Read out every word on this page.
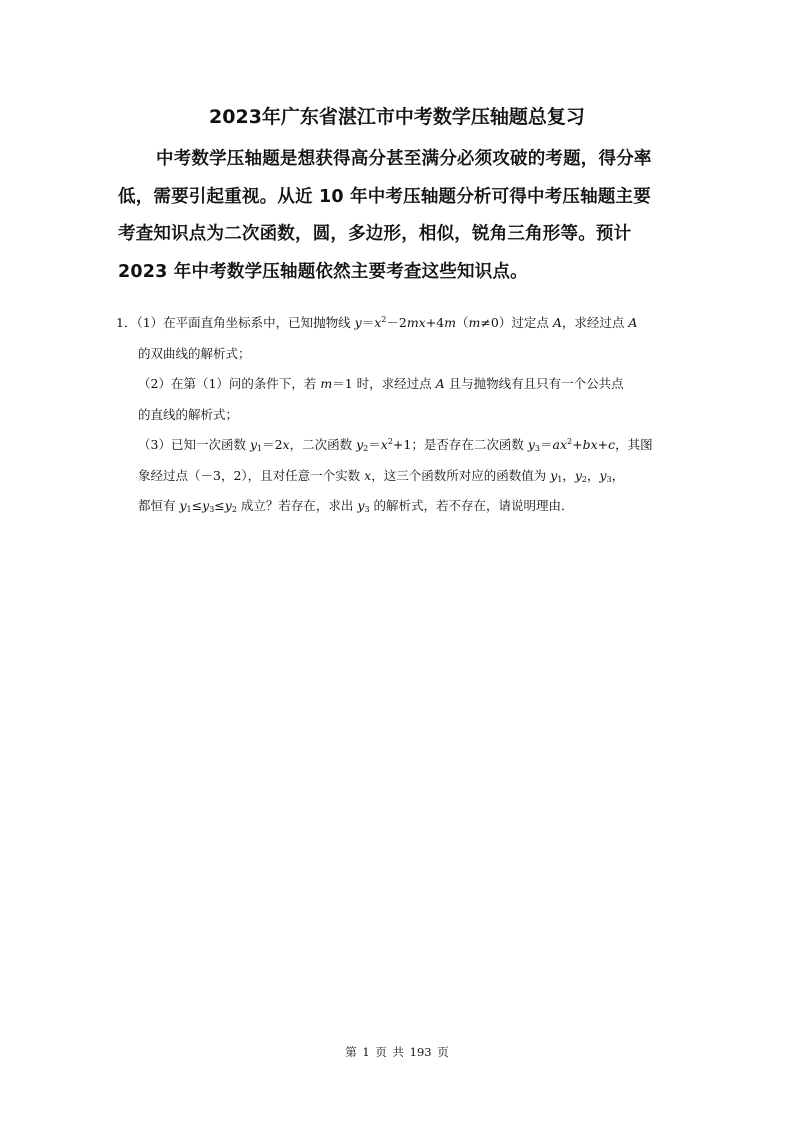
2023年广东省湛江市中考数学压轴题总复习
中考数学压轴题是想获得高分甚至满分必须攻破的考题，得分率
低，需要引起重视。从近 10 年中考压轴题分析可得中考压轴题主要
考查知识点为二次函数，圆，多边形，相似，锐角三角形等。预计
2023 年中考数学压轴题依然主要考查这些知识点。
1．（1）在平面直角坐标系中，已知抛物线 $y=x^2-2mx+4m(m\ne 0)$过定点 A，求经过点 A
的双曲线的解析式；
（2）在第（1）问的条件下，若 m＝1 时，求经过点 A 且与抛物线有且只有一个公共点
的直线的解析式；
（3）已知一次函数 $y_1=2x$，二次函数 $y_2=x^2+1$；是否存在二次函数 $y_3=ax^2+bx+c$，其图
象经过点（－3，2），且对任意一个实数 x，这三个函数所对应的函数值为 $y_1$，$y_2$，$y_3$，
都恒有 $y_1\le y_3\le y_2$ 成立？若存在，求出 $y_3$ 的解析式，若不存在，请说明理由．
第 1 页 共 193 页
